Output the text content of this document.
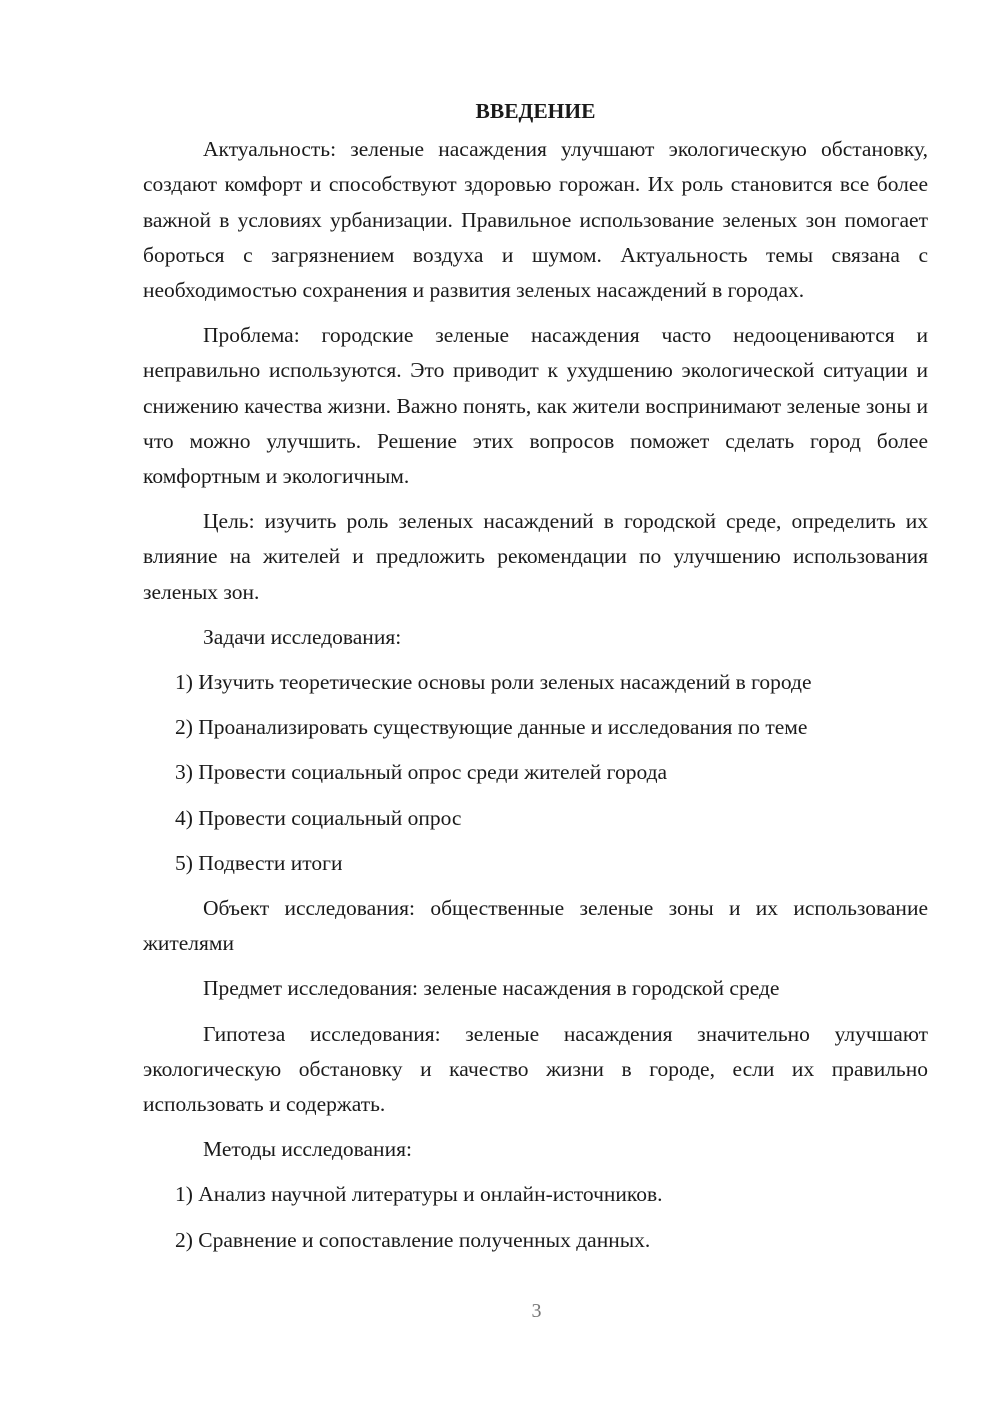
ВВЕДЕНИЕ

Актуальность: зеленые насаждения улучшают экологическую обстановку, создают комфорт и способствуют здоровью горожан. Их роль становится все более важной в условиях урбанизации. Правильное использование зеленых зон помогает бороться с загрязнением воздуха и шумом. Актуальность темы связана с необходимостью сохранения и развития зеленых насаждений в городах.

Проблема: городские зеленые насаждения часто недооцениваются и неправильно используются. Это приводит к ухудшению экологической ситуации и снижению качества жизни. Важно понять, как жители воспринимают зеленые зоны и что можно улучшить. Решение этих вопросов поможет сделать город более комфортным и экологичным.

Цель: изучить роль зеленых насаждений в городской среде, определить их влияние на жителей и предложить рекомендации по улучшению использования зеленых зон.

Задачи исследования:

1) Изучить теоретические основы роли зеленых насаждений в городе

2) Проанализировать существующие данные и исследования по теме

3) Провести социальный опрос среди жителей города

4) Провести социальный опрос

5) Подвести итоги

Объект исследования: общественные зеленые зоны и их использование жителями

Предмет исследования: зеленые насаждения в городской среде

Гипотеза исследования: зеленые насаждения значительно улучшают экологическую обстановку и качество жизни в городе, если их правильно использовать и содержать.

Методы исследования:

1) Анализ научной литературы и онлайн-источников.

2) Сравнение и сопоставление полученных данных.

3
